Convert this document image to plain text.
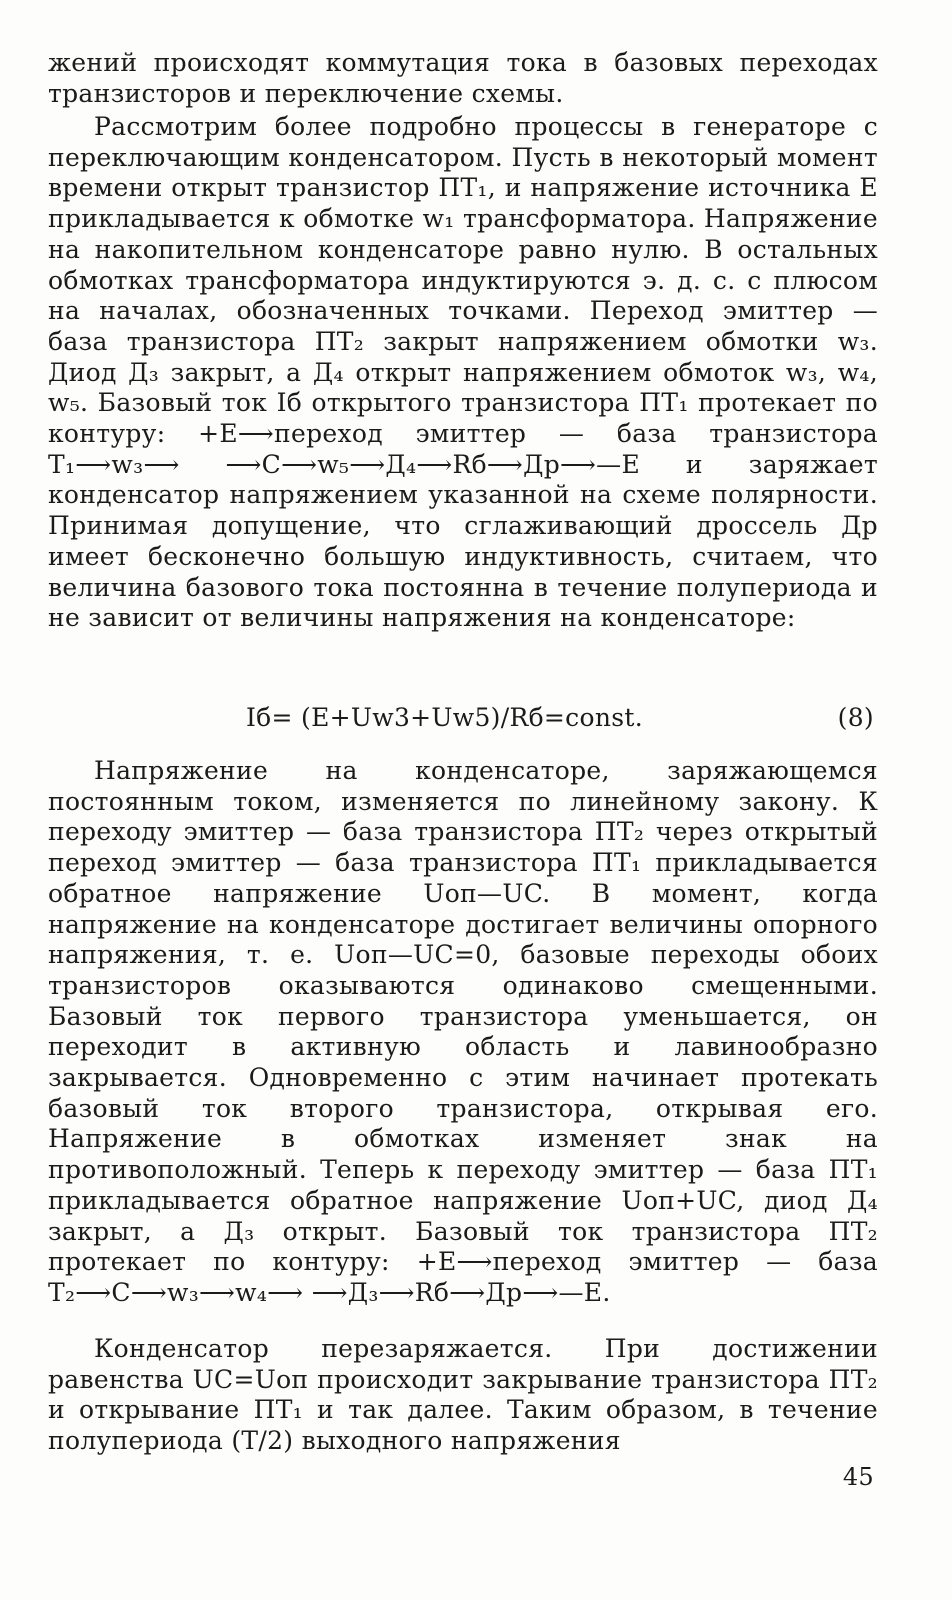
жений происходят коммутация тока в базовых переходах транзисторов и переключение схемы.

Рассмотрим более подробно процессы в генераторе с переключающим конденсатором. Пусть в некоторый момент времени открыт транзистор ПТ₁, и напряжение источника E прикладывается к обмотке w₁ трансформатора. Напряжение на накопительном конденсаторе равно нулю. В остальных обмотках трансформатора индуктируются э. д. с. с плюсом на началах, обозначенных точками. Переход эмиттер — база транзистора ПТ₂ закрыт напряжением обмотки w₃. Диод Д₃ закрыт, а Д₄ открыт напряжением обмоток w₃, w₄, w₅. Базовый ток Iб открытого транзистора ПТ₁ протекает по контуру: +E⟶переход эмиттер — база транзистора T₁⟶w₃⟶ ⟶C⟶w₅⟶Д₄⟶Rб⟶Др⟶—E и заряжает конденсатор напряжением указанной на схеме полярности. Принимая допущение, что сглаживающий дроссель Др имеет бесконечно большую индуктивность, считаем, что величина базового тока постоянна в течение полупериода и не зависит от величины напряжения на конденсаторе:

Iб= (E+Uw3+Uw5)/Rб=const.	(8)

Напряжение на конденсаторе, заряжающемся постоянным током, изменяется по линейному закону. К переходу эмиттер — база транзистора ПТ₂ через открытый переход эмиттер — база транзистора ПТ₁ прикладывается обратное напряжение Uоп—UC. В момент, когда напряжение на конденсаторе достигает величины опорного напряжения, т. е. Uоп—UC=0, базовые переходы обоих транзисторов оказываются одинаково смещенными. Базовый ток первого транзистора уменьшается, он переходит в активную область и лавинообразно закрывается. Одновременно с этим начинает протекать базовый ток второго транзистора, открывая его. Напряжение в обмотках изменяет знак на противоположный. Теперь к переходу эмиттер — база ПТ₁ прикладывается обратное напряжение Uоп+UC, диод Д₄ закрыт, а Д₃ открыт. Базовый ток транзистора ПТ₂ протекает по контуру: +E⟶переход эмиттер — база T₂⟶C⟶w₃⟶w₄⟶ ⟶Д₃⟶Rб⟶Др⟶—E.

Конденсатор перезаряжается. При достижении равенства UC=Uоп происходит закрывание транзистора ПТ₂ и открывание ПТ₁ и так далее. Таким образом, в течение полупериода (T/2) выходного напряжения

45
